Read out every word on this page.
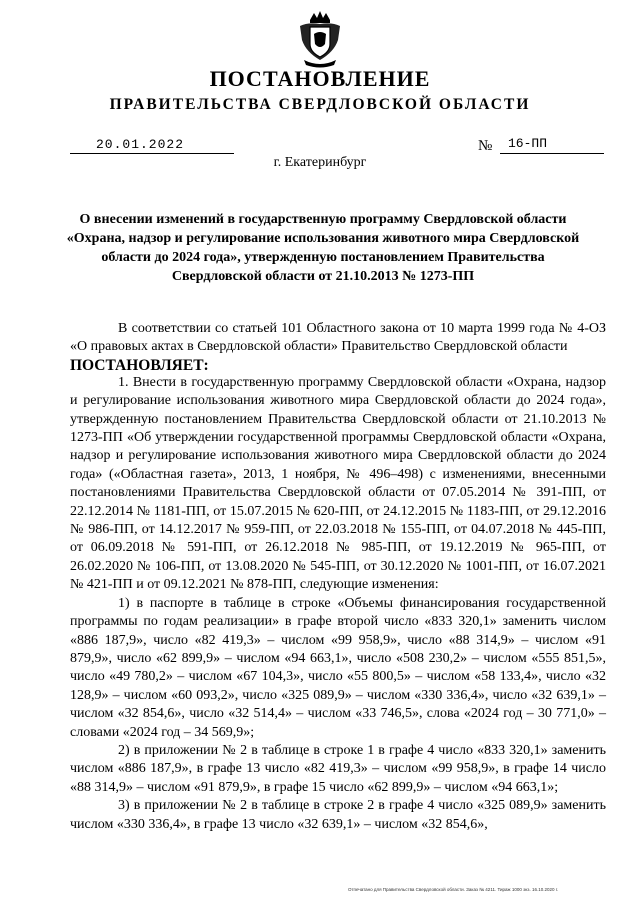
ПОСТАНОВЛЕНИЕ
ПРАВИТЕЛЬСТВА СВЕРДЛОВСКОЙ ОБЛАСТИ
20.01.2022	№ 16-ПП
г. Екатеринбург
О внесении изменений в государственную программу Свердловской области «Охрана, надзор и регулирование использования животного мира Свердловской области до 2024 года», утвержденную постановлением Правительства Свердловской области от 21.10.2013 № 1273-ПП

В соответствии со статьей 101 Областного закона от 10 марта 1999 года № 4-ОЗ «О правовых актах в Свердловской области» Правительство Свердловской области

ПОСТАНОВЛЯЕТ:

1. Внести в государственную программу Свердловской области «Охрана, надзор и регулирование использования животного мира Свердловской области до 2024 года», утвержденную постановлением Правительства Свердловской области от 21.10.2013 № 1273-ПП «Об утверждении государственной программы Свердловской области «Охрана, надзор и регулирование использования животного мира Свердловской области до 2024 года» («Областная газета», 2013, 1 ноября, № 496–498) с изменениями, внесенными постановлениями Правительства Свердловской области от 07.05.2014 № 391-ПП, от 22.12.2014 № 1181-ПП, от 15.07.2015 № 620-ПП, от 24.12.2015 № 1183-ПП, от 29.12.2016 № 986-ПП, от 14.12.2017 № 959-ПП, от 22.03.2018 № 155-ПП, от 04.07.2018 № 445-ПП, от 06.09.2018 № 591-ПП, от 26.12.2018 № 985-ПП, от 19.12.2019 № 965-ПП, от 26.02.2020 № 106-ПП, от 13.08.2020 № 545-ПП, от 30.12.2020 № 1001-ПП, от 16.07.2021 № 421-ПП и от 09.12.2021 № 878-ПП, следующие изменения:

1) в паспорте в таблице в строке «Объемы финансирования государственной программы по годам реализации» в графе второй число «833 320,1» заменить числом «886 187,9», число «82 419,3» – числом «99 958,9», число «88 314,9» – числом «91 879,9», число «62 899,9» – числом «94 663,1», число «508 230,2» – числом «555 851,5», число «49 780,2» – числом «67 104,3», число «55 800,5» – числом «58 133,4», число «32 128,9» – числом «60 093,2», число «325 089,9» – числом «330 336,4», число «32 639,1» – числом «32 854,6», число «32 514,4» – числом «33 746,5», слова «2024 год – 30 771,0» – словами «2024 год – 34 569,9»;

2) в приложении № 2 в таблице в строке 1 в графе 4 число «833 320,1» заменить числом «886 187,9», в графе 13 число «82 419,3» – числом «99 958,9», в графе 14 число «88 314,9» – числом «91 879,9», в графе 15 число «62 899,9» – числом «94 663,1»;

3) в приложении № 2 в таблице в строке 2 в графе 4 число «325 089,9» заменить числом «330 336,4», в графе 13 число «32 639,1» – числом «32 854,6»,

Отпечатано для Правительства Свердловской области. Заказ № 4211. Тираж 1000 экз. 16.10.2020 г.
